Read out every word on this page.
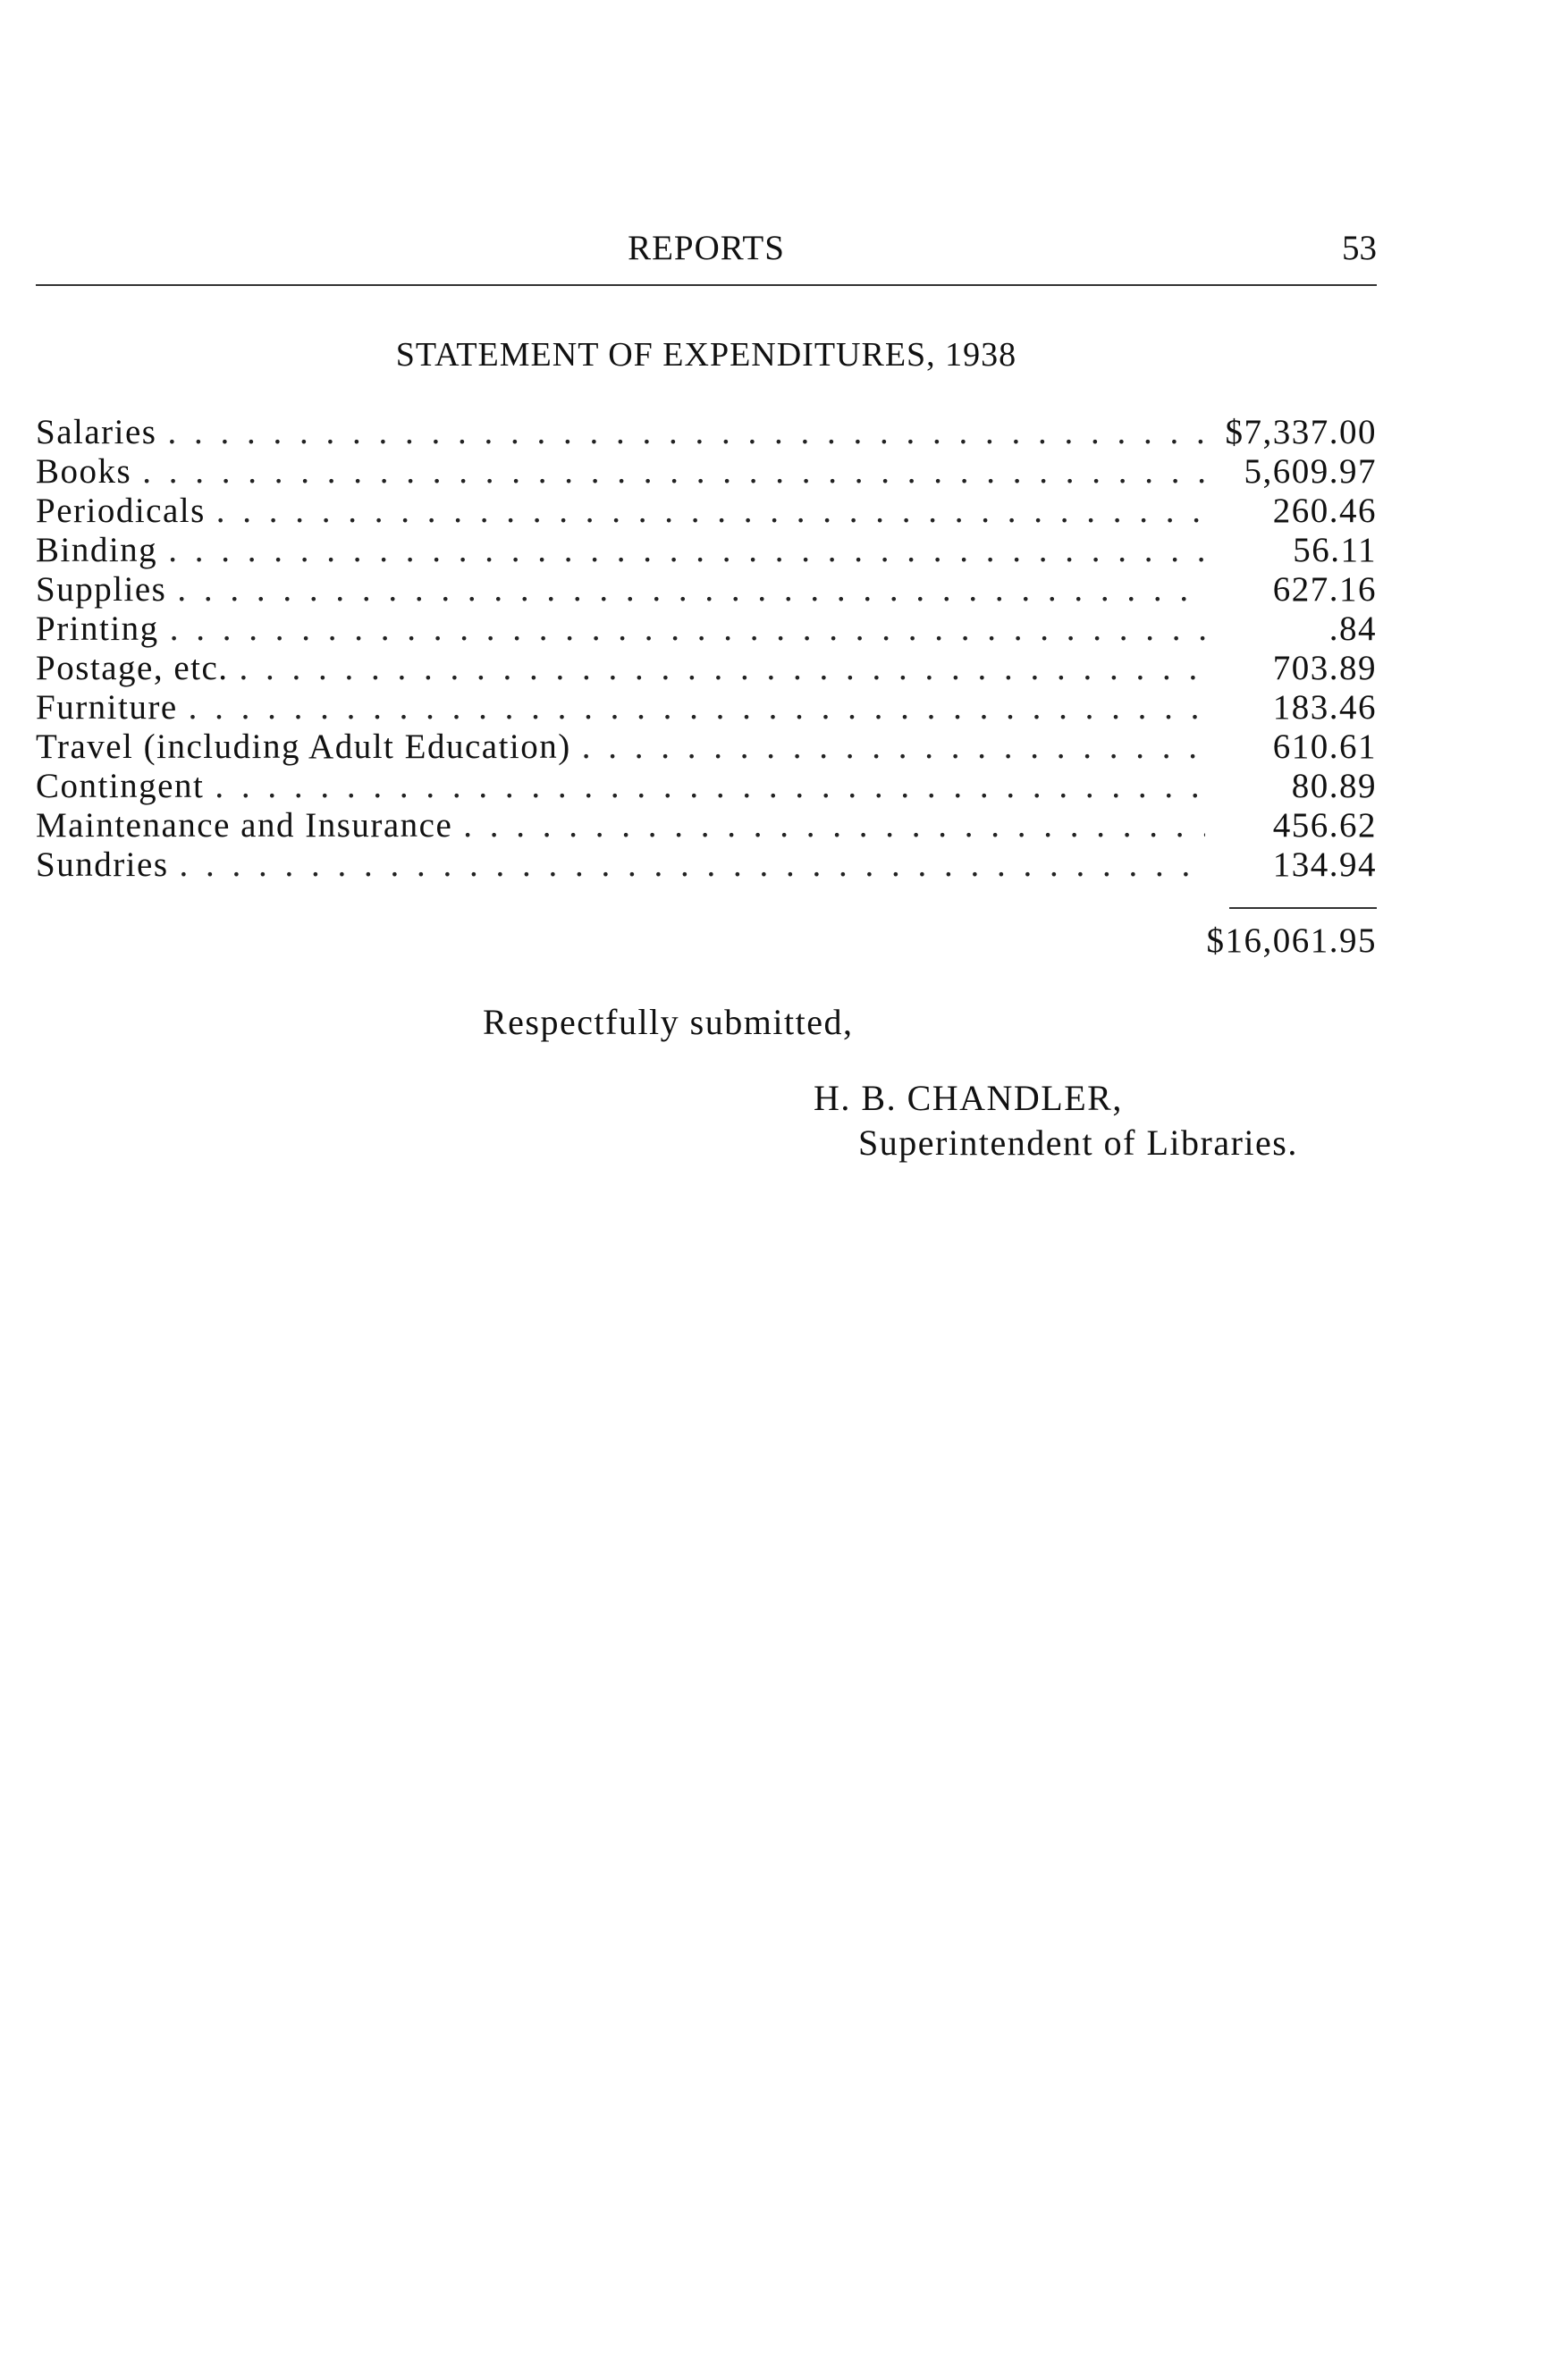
REPORTS	53
STATEMENT OF EXPENDITURES, 1938
Salaries . . .	$7,337.00
Books . . .	5,609.97
Periodicals . . .	260.46
Binding . . .	56.11
Supplies . . .	627.16
Printing . . .	.84
Postage, etc. . . .	703.89
Furniture . . .	183.46
Travel (including Adult Education) . . .	610.61
Contingent . . .	80.89
Maintenance and Insurance . . .	456.62
Sundries . . .	134.94
$16,061.95
Respectfully submitted,
H. B. CHANDLER,
Superintendent of Libraries.
